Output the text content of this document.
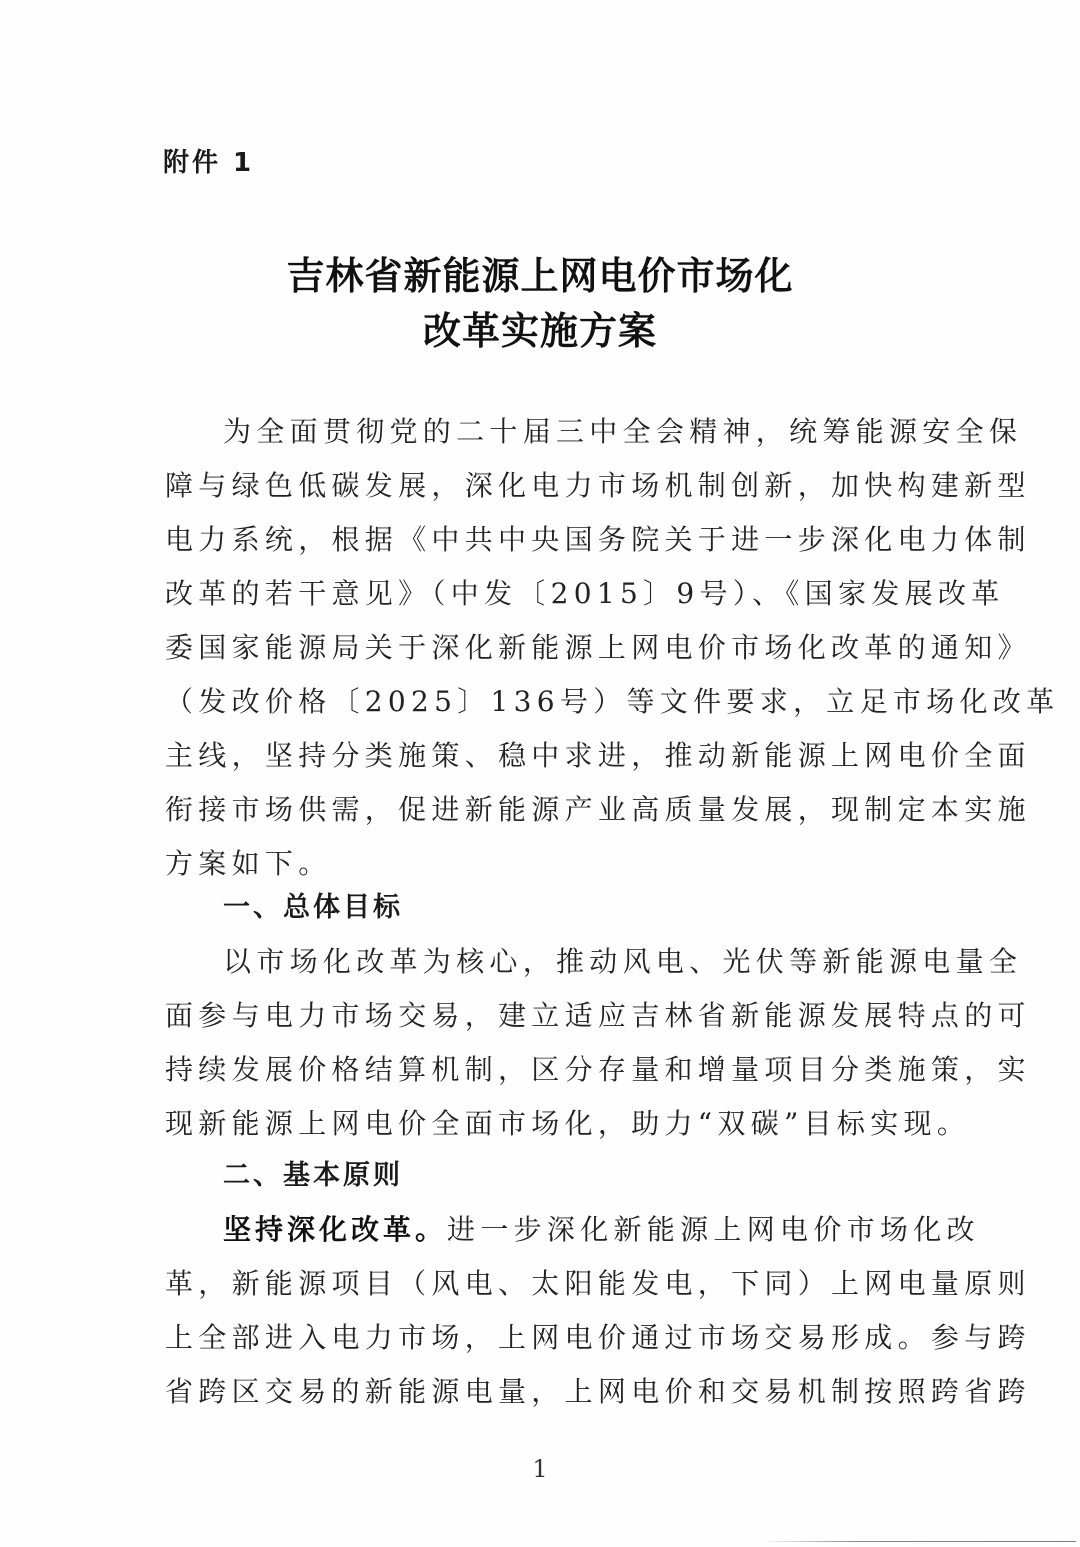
附件 1
吉林省新能源上网电价市场化
改革实施方案
为全面贯彻党的二十届三中全会精神，统筹能源安全保
障与绿色低碳发展，深化电力市场机制创新，加快构建新型
电力系统，根据《中共中央国务院关于进一步深化电力体制
改革的若干意见》（中发〔2015〕9号）、《国家发展改革
委国家能源局关于深化新能源上网电价市场化改革的通知》
（发改价格〔2025〕136号）等文件要求，立足市场化改革
主线，坚持分类施策、稳中求进，推动新能源上网电价全面
衔接市场供需，促进新能源产业高质量发展，现制定本实施
方案如下。
一、总体目标
以市场化改革为核心，推动风电、光伏等新能源电量全
面参与电力市场交易，建立适应吉林省新能源发展特点的可
持续发展价格结算机制，区分存量和增量项目分类施策，实
现新能源上网电价全面市场化，助力“双碳”目标实现。
二、基本原则
坚持深化改革。进一步深化新能源上网电价市场化改
革，新能源项目（风电、太阳能发电，下同）上网电量原则
上全部进入电力市场，上网电价通过市场交易形成。参与跨
省跨区交易的新能源电量，上网电价和交易机制按照跨省跨
1
